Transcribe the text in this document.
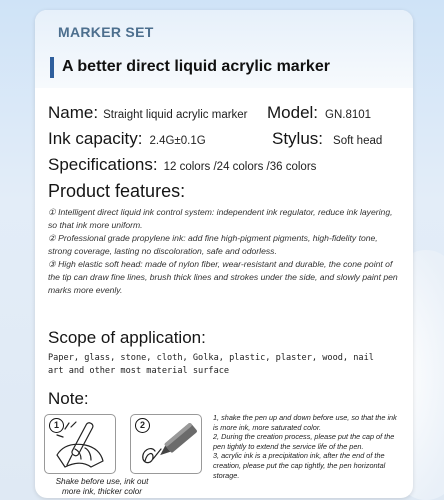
MARKER SET
A better direct liquid acrylic marker
Name: Straight liquid acrylic marker Model: GN.8101
Ink capacity: 2.4G±0.1G	Stylus: Soft head
Specifications: 12 colors /24 colors /36 colors
Product features:
① Intelligent direct liquid ink control system: independent ink regulator, reduce ink layering, so that ink more uniform.
② Professional grade propylene ink: add fine high-pigment pigments, high-fidelity tone, strong coverage, lasting no discoloration, safe and odorless.
③ High elastic soft head: made of nylon fiber, wear-resistant and durable, the cone point of the tip can draw fine lines, brush thick lines and strokes under the side, and slowly paint pen marks more evenly.
Scope of application:
Paper, glass, stone, cloth, Golka, plastic, plaster, wood, nail art and other most material surface
Note:
1	2
Shake before use, ink out more ink, thicker color
1, shake the pen up and down before use, so that the ink is more ink, more saturated color.
2, During the creation process, please put the cap of the pen tightly to extend the service life of the pen.
3, acrylic ink is a precipitation ink, after the end of the creation, please put the cap tightly, the pen horizontal storage.
